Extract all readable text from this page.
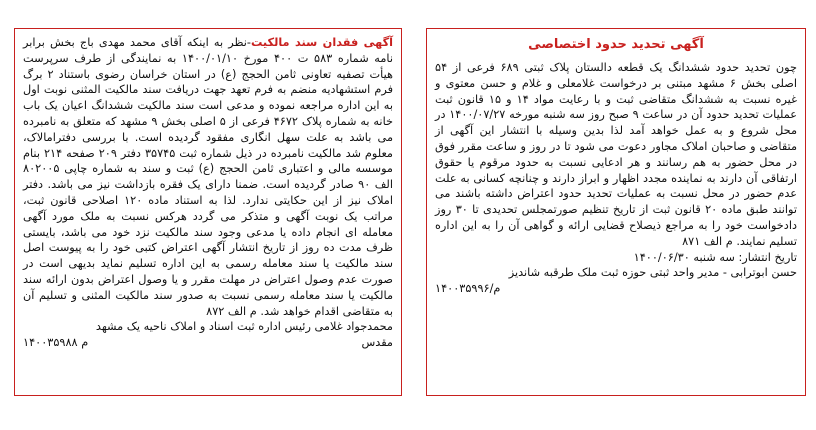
آگهی فقدان سند مالکیت-نظر به اینکه آقای محمد مهدی باج بخش برابر نامه شماره ۵۸۳ ت ۴۰۰ مورخ ۱۴۰۰/۰۱/۱۰ به نمایندگی از طرف سرپرست هیأت تصفیه تعاونی ثامن الحجج (ع) در استان خراسان رضوی باستناد ۲ برگ فرم استشهادیه منضم به فرم تعهد جهت دریافت سند مالکیت المثنی نوبت اول به این اداره مراجعه نموده و مدعی است سند مالکیت ششدانگ اعیان یک باب خانه به شماره پلاک ۴۶۷۲ فرعی از ۵ اصلی بخش ۹ مشهد که متعلق به نامبرده می باشد به علت سهل انگاری مفقود گردیده است. با بررسی دفترامالاک، معلوم شد مالکیت نامبرده در ذیل شماره ثبت ۳۵۷۴۵ دفتر ۲۰۹ صفحه ۲۱۴ بنام موسسه مالی و اعتباری ثامن الحجج (ع) ثبت و سند به شماره چاپی ۸۰۲۰۰۵ الف ۹۰ صادر گردیده است. ضمنا دارای یک فقره بازداشت نیز می باشد. دفتر املاک نیز از این حکایتی ندارد. لذا به استناد ماده ۱۲۰ اصلاحی قانون ثبت، مراتب یک نوبت آگهی و متذکر می گردد هرکس نسبت به ملک مورد آگهی معامله ای انجام داده یا مدعی وجود سند مالکیت نزد خود می باشد، بایستی ظرف مدت ده روز از تاریخ انتشار آگهی اعتراض کتبی خود را به پیوست اصل سند مالکیت یا سند معامله رسمی به این اداره تسلیم نماید بدیهی است در صورت عدم وصول اعتراض در مهلت مقرر و یا وصول اعتراض بدون ارائه سند مالکیت یا سند معامله رسمی نسبت به صدور سند مالکیت المثنی و تسلیم آن به متقاضی اقدام خواهد شد. م الف ۸۷۲

محمدجواد غلامی رئیس اداره ثبت اسناد و املاک ناحیه یک مشهد

مقدس
م ۱۴۰۰۳۵۹۸۸
آگهی تحدید حدود اختصاصی

چون تحدید حدود ششدانگ یک قطعه دالستان پلاک ثبتی ۶۸۹ فرعی از ۵۴ اصلی بخش ۶ مشهد مبتنی بر درخواست غلامعلی و غلام و حسن معتوی و غیره نسبت به ششدانگ متقاضی ثبت و با رعایت مواد ۱۴ و ۱۵ قانون ثبت عملیات تحدید حدود آن در ساعت ۹ صبح روز سه شنبه مورخه ۱۴۰۰/۰۷/۲۷ در محل شروع و به عمل خواهد آمد لذا بدین وسیله با انتشار این آگهی از متقاضی و صاحبان املاک مجاور دعوت می شود تا در روز و ساعت مقرر فوق در محل حضور به هم رسانند و هر ادعایی نسبت به حدود مرقوم یا حقوق ارتفاقی آن دارند به نماینده مجدد اظهار و ابراز دارند و چنانچه کسانی به علت عدم حضور در محل نسبت به عملیات تحدید حدود اعتراض داشته باشند می توانند طبق ماده ۲۰ قانون ثبت از تاریخ تنظیم صورتمجلس تحدیدی تا ۳۰ روز دادخواست خود را به مراجع ذیصلاح قضایی ارائه و گواهی آن را به این اداره تسلیم نمایند. م الف ۸۷۱

تاریخ انتشار: سه شنبه ۱۴۰۰/۰۶/۳۰

حسن ابوترابی - مدیر واحد ثبتی حوزه ثبت ملک طرقبه شاندیز

م/۱۴۰۰۳۵۹۹۶
